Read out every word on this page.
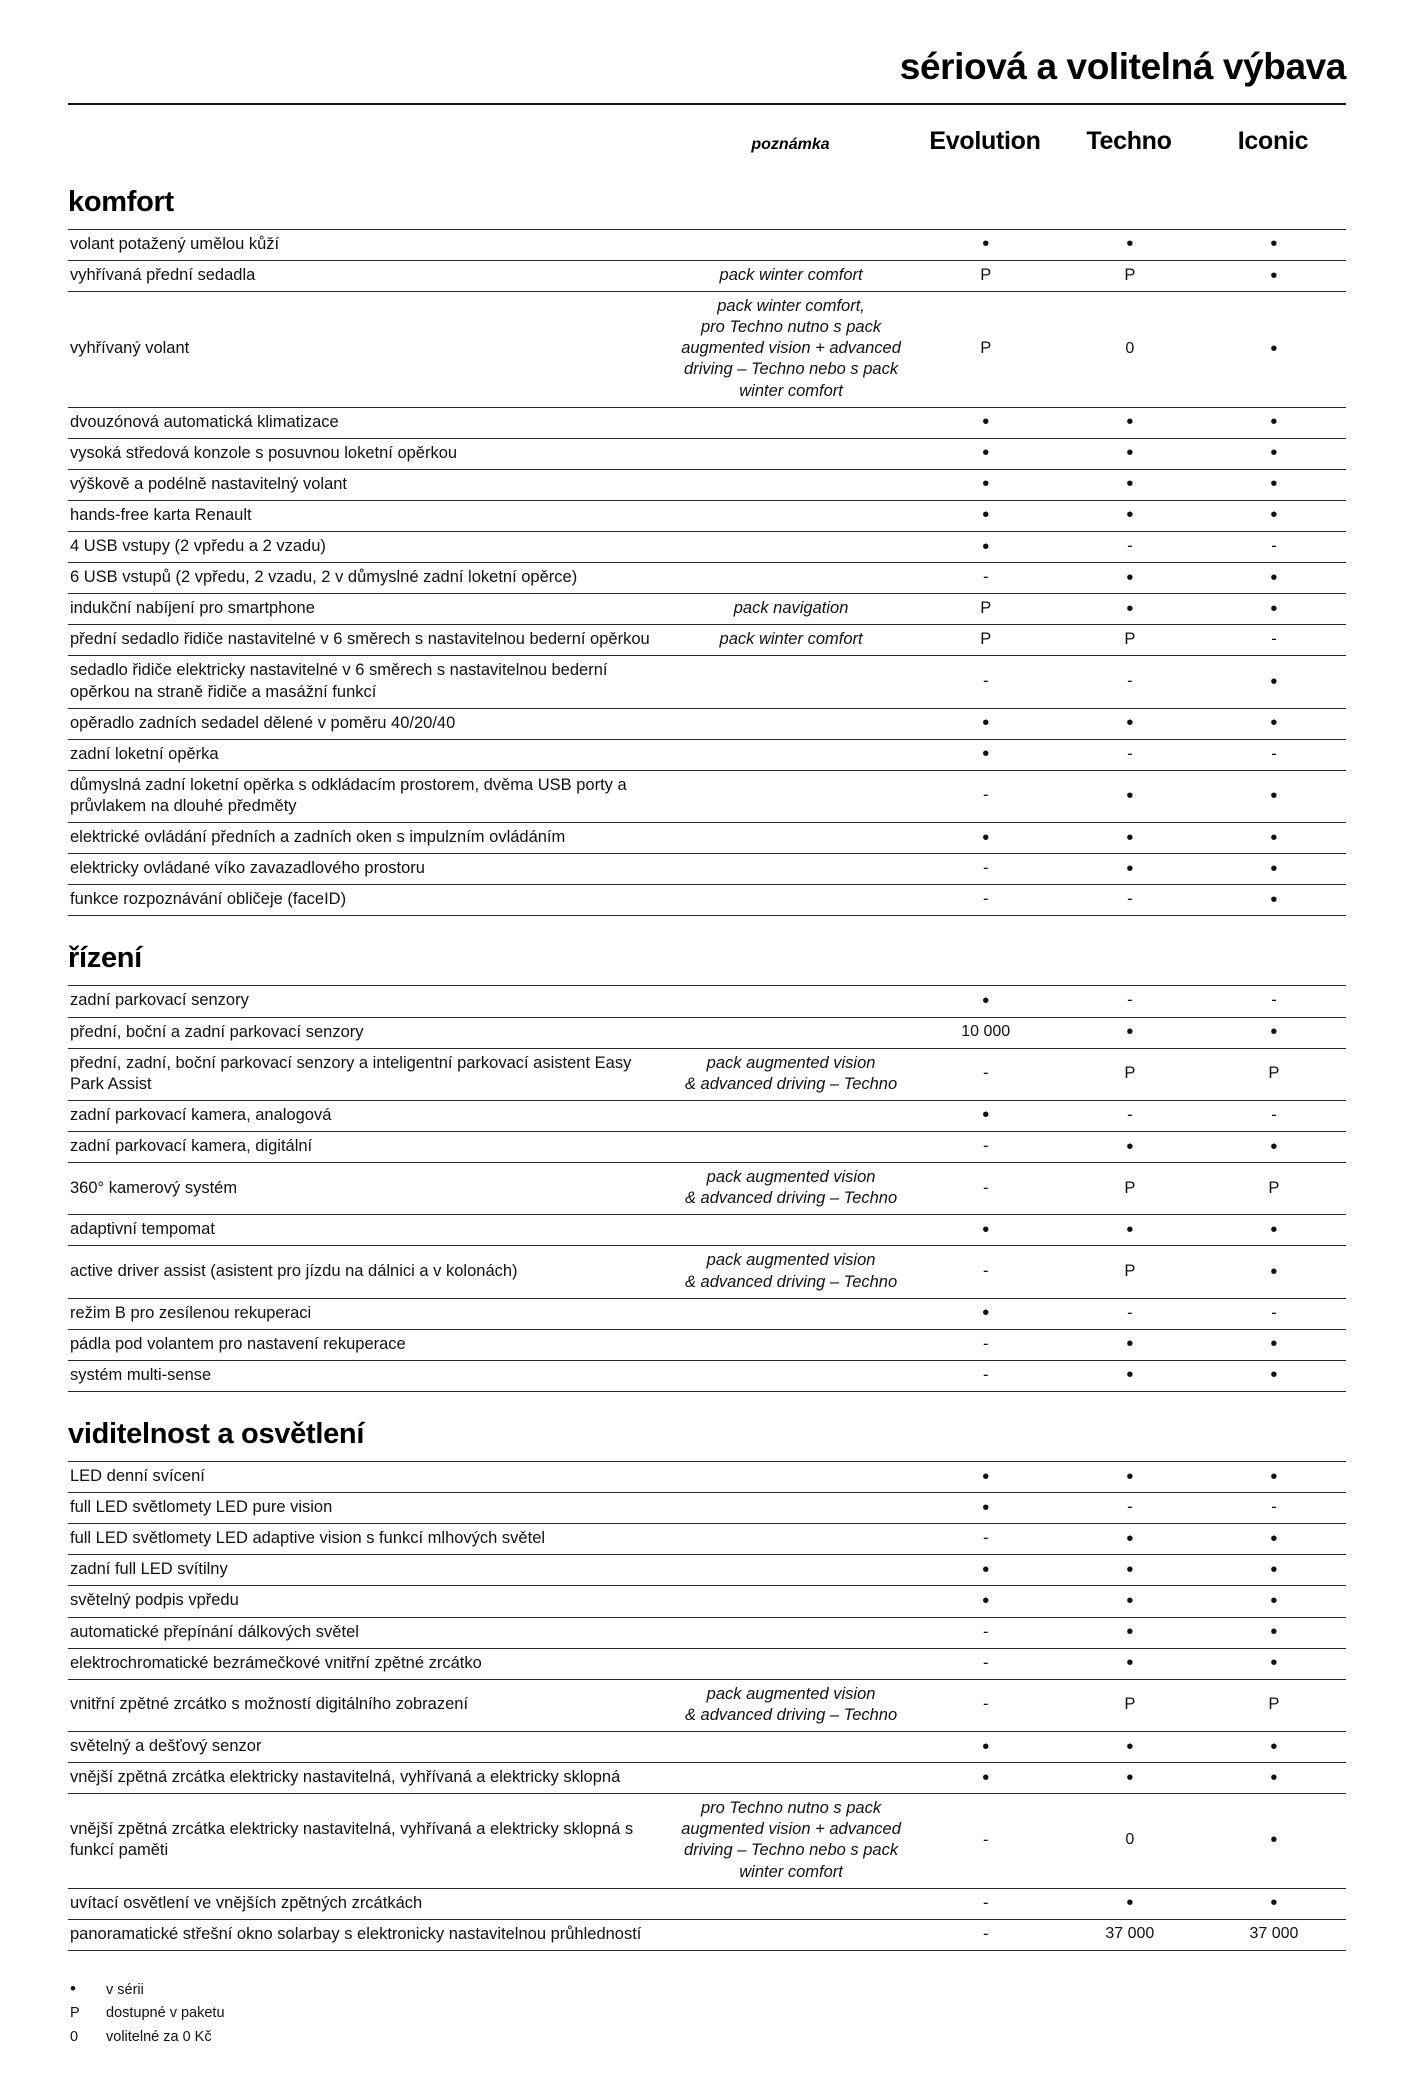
sériová a volitelná výbava
poznámka	Evolution	Techno	Iconic
komfort
volant potažený umělou kůží		•	•	•
vyhřívaná přední sedadla	pack winter comfort	P	P	•
vyhřívaný volant	pack winter comfort,
pro Techno nutno s pack
augmented vision + advanced
driving – Techno nebo s pack
winter comfort	P	0	•
dvouzónová automatická klimatizace		•	•	•
vysoká středová konzole s posuvnou loketní opěrkou		•	•	•
výškově a podélně nastavitelný volant		•	•	•
hands-free karta Renault		•	•	•
4 USB vstupy (2 vpředu a 2 vzadu)		•	-	-
6 USB vstupů (2 vpředu, 2 vzadu, 2 v důmyslné zadní loketní opěrce)		-	•	•
indukční nabíjení pro smartphone	pack navigation	P	•	•
přední sedadlo řidiče nastavitelné v 6 směrech s nastavitelnou bederní opěrkou	pack winter comfort	P	P	-
sedadlo řidiče elektricky nastavitelné v 6 směrech s nastavitelnou bederní opěrkou na straně řidiče a masážní funkcí		-	-	•
opěradlo zadních sedadel dělené v poměru 40/20/40		•	•	•
zadní loketní opěrka		•	-	-
důmyslná zadní loketní opěrka s odkládacím prostorem, dvěma USB porty a průvlakem na dlouhé předměty		-	•	•
elektrické ovládání předních a zadních oken s impulzním ovládáním		•	•	•
elektricky ovládané víko zavazadlového prostoru		-	•	•
funkce rozpoznávání obličeje (faceID)		-	-	•
řízení
zadní parkovací senzory		•	-	-
přední, boční a zadní parkovací senzory		10 000	•	•
přední, zadní, boční parkovací senzory a inteligentní parkovací asistent Easy Park Assist	pack augmented vision
& advanced driving – Techno	-	P	P
zadní parkovací kamera, analogová		•	-	-
zadní parkovací kamera, digitální		-	•	•
360° kamerový systém	pack augmented vision
& advanced driving – Techno	-	P	P
adaptivní tempomat		•	•	•
active driver assist (asistent pro jízdu na dálnici a v kolonách)	pack augmented vision
& advanced driving – Techno	-	P	•
režim B pro zesílenou rekuperaci		•	-	-
pádla pod volantem pro nastavení rekuperace		-	•	•
systém multi-sense		-	•	•
viditelnost a osvětlení
LED denní svícení		•	•	•
full LED světlomety LED pure vision		•	-	-
full LED světlomety LED adaptive vision s funkcí mlhových světel		-	•	•
zadní full LED svítilny		•	•	•
světelný podpis vpředu		•	•	•
automatické přepínání dálkových světel		-	•	•
elektrochromatické bezrámečkové vnitřní zpětné zrcátko		-	•	•
vnitřní zpětné zrcátko s možností digitálního zobrazení	pack augmented vision
& advanced driving – Techno	-	P	P
světelný a dešťový senzor		•	•	•
vnější zpětná zrcátka elektricky nastavitelná, vyhřívaná a elektricky sklopná		•	•	•
vnější zpětná zrcátka elektricky nastavitelná, vyhřívaná a elektricky sklopná s funkcí paměti	pro Techno nutno s pack
augmented vision + advanced
driving – Techno nebo s pack
winter comfort	-	0	•
uvítací osvětlení ve vnějších zpětných zrcátkách		-	•	•
panoramatické střešní okno solarbay s elektronicky nastavitelnou průhledností		-	37 000	37 000
•	v sérii
P	dostupné v paketu
0	volitelné za 0 Kč
